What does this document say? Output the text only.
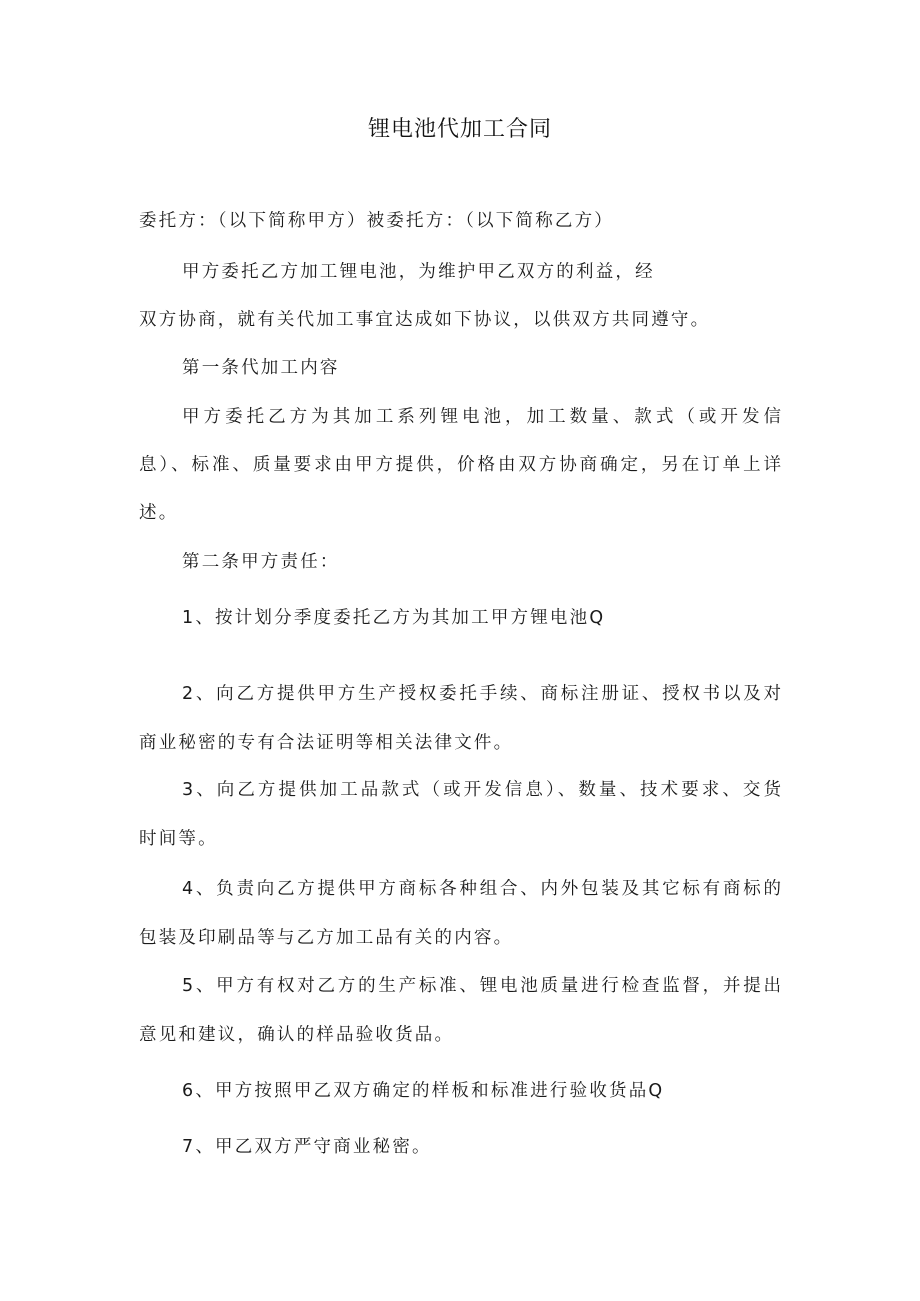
锂电池代加工合同
委托方：（以下简称甲方）被委托方：（以下简称乙方）
甲方委托乙方加工锂电池，为维护甲乙双方的利益，经
双方协商，就有关代加工事宜达成如下协议，以供双方共同遵守。
第一条代加工内容
甲方委托乙方为其加工系列锂电池，加工数量、款式（或开发信
息）、标准、质量要求由甲方提供，价格由双方协商确定，另在订单上详
述。
第二条甲方责任：
1、按计划分季度委托乙方为其加工甲方锂电池Q
2、向乙方提供甲方生产授权委托手续、商标注册证、授权书以及对
商业秘密的专有合法证明等相关法律文件。
3、向乙方提供加工品款式（或开发信息）、数量、技术要求、交货
时间等。
4、负责向乙方提供甲方商标各种组合、内外包装及其它标有商标的
包装及印刷品等与乙方加工品有关的内容。
5、甲方有权对乙方的生产标准、锂电池质量进行检查监督，并提出
意见和建议，确认的样品验收货品。
6、甲方按照甲乙双方确定的样板和标准进行验收货品Q
7、甲乙双方严守商业秘密。
